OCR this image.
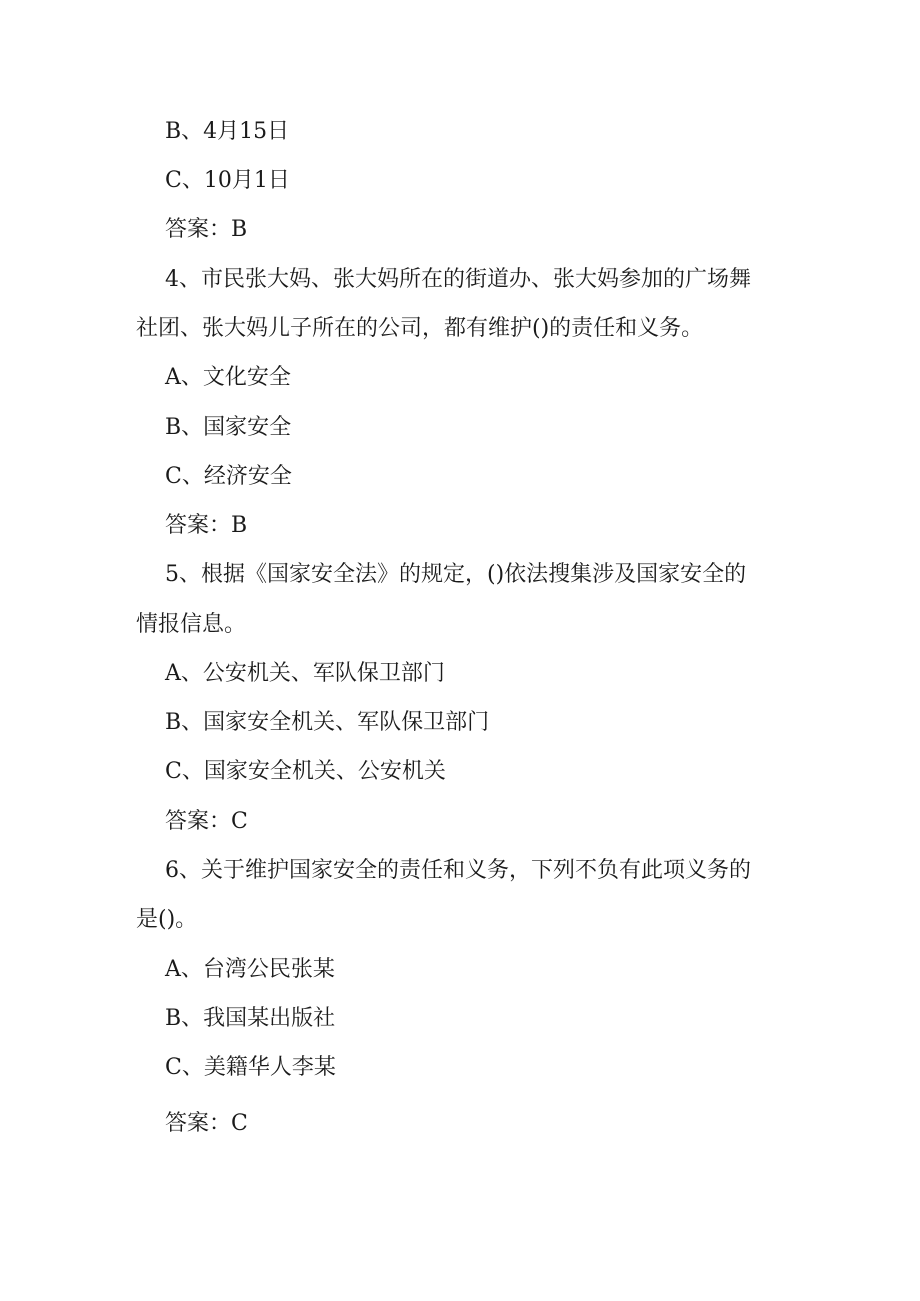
B、4月15日
C、10月1日
答案：B
4、市民张大妈、张大妈所在的街道办、张大妈参加的广场舞
社团、张大妈儿子所在的公司，都有维护()的责任和义务。
A、文化安全
B、国家安全
C、经济安全
答案：B
5、根据《国家安全法》的规定，()依法搜集涉及国家安全的
情报信息。
A、公安机关、军队保卫部门
B、国家安全机关、军队保卫部门
C、国家安全机关、公安机关
答案：C
6、关于维护国家安全的责任和义务，下列不负有此项义务的
是()。
A、台湾公民张某
B、我国某出版社
C、美籍华人李某
答案：C
